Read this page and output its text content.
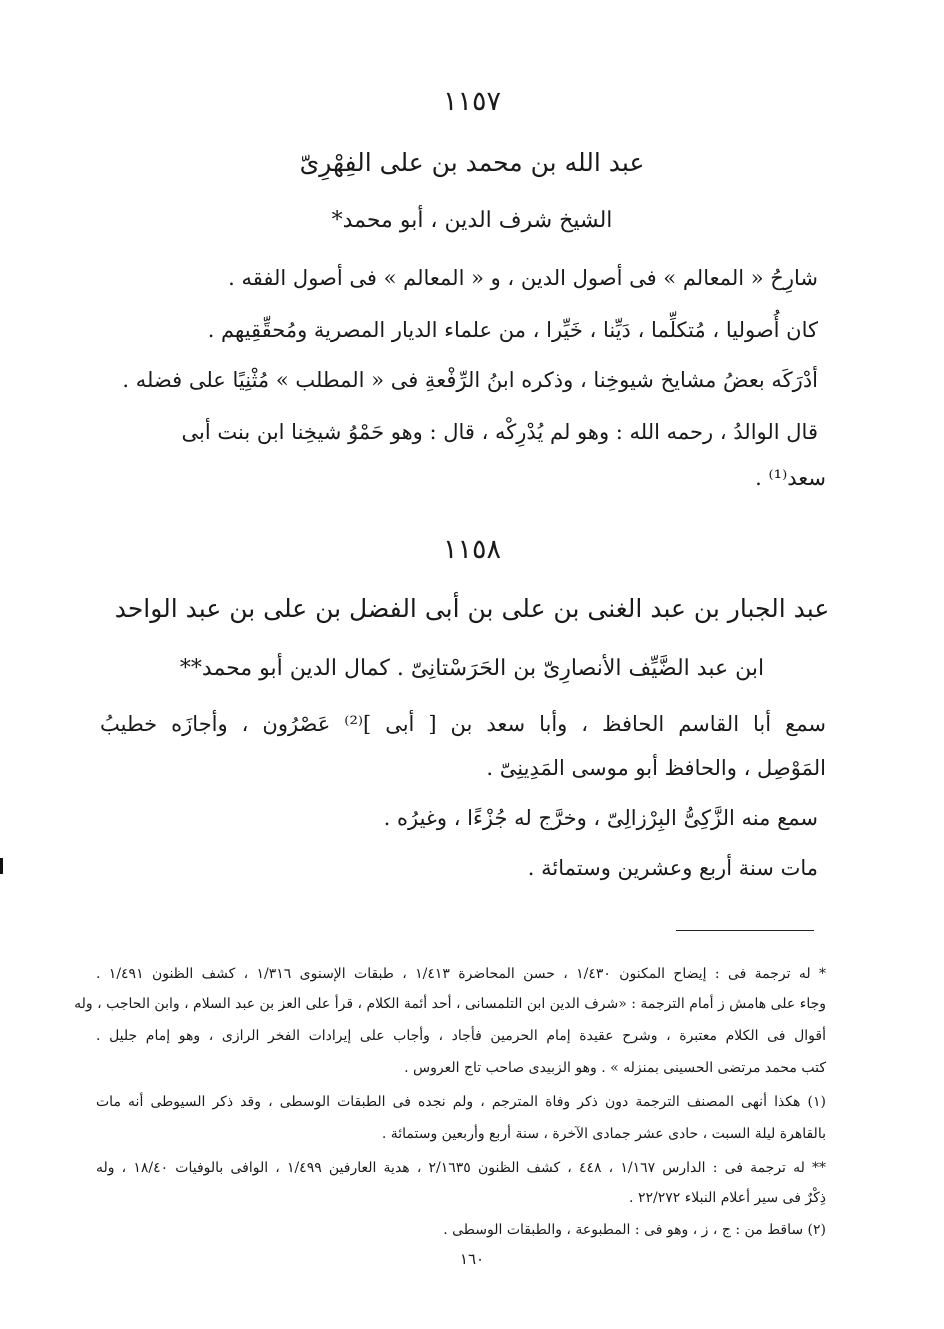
١١٥٧
عبد الله بن محمد بن على الفِهْرِىّ
الشيخ شرف الدين ، أبو محمد*
شارِحُ « المعالم » فى أصول الدين ، و « المعالم » فى أصول الفقه .
كان أُصوليا ، مُتكلِّما ، دَيِّنا ، خَيِّرا ، من علماء الديار المصرية ومُحقِّقِيهم .
أدْرَكَه بعضُ مشايخ شيوخِنا ، وذكره ابنُ الرِّفْعةِ فى « المطلب » مُثْنِيًا على فضله .
قال الوالدُ ، رحمه الله : وهو لم يُدْرِكْه ، قال : وهو حَمْوُ شيخِنا ابن بنت أبى
سعد⁽¹⁾ .
١١٥٨
عبد الجبار بن عبد الغنى بن على بن أبى الفضل بن على بن عبد الواحد
ابن عبد الضَّيِّف الأنصارِىّ بن الحَرَسْتانِىّ . كمال الدين أبو محمد**
سمع أبا القاسم الحافظ ، وأبا سعد بن [ أبى ]⁽²⁾ عَصْرُون ، وأجازَه خطيبُ
المَوْصِل ، والحافظ أبو موسى المَدِينِىّ .
سمع منه الزَّكِىُّ البِرْزالِىّ ، وخرَّج له جُزْءًا ، وغيرُه .
مات سنة أربع وعشرين وستمائة .
* له ترجمة فى : إيضاح المكنون ١/٤٣٠ ، حسن المحاضرة ١/٤١٣ ، طبقات الإسنوى ١/٣١٦ ، كشف الظنون ١/٤٩١ .
وجاء على هامش ز أمام الترجمة : «شرف الدين ابن التلمسانى ، أحد أئمة الكلام ، قرأ على العز بن عبد السلام ، وابن الحاجب ، وله
أقوال فى الكلام معتبرة ، وشرح عقيدة إمام الحرمين فأجاد ، وأجاب على إيرادات الفخر الرازى ، وهو إمام جليل .
كتب محمد مرتضى الحسينى بمنزله » . وهو الزبيدى صاحب تاج العروس .
(١) هكذا أنهى المصنف الترجمة دون ذكر وفاة المترجم ، ولم نجده فى الطبقات الوسطى ، وقد ذكر السيوطى أنه مات
بالقاهرة ليلة السبت ، حادى عشر جمادى الآخرة ، سنة أربع وأربعين وستمائة .
** له ترجمة فى : الدارس ١/١٦٧ ، ٤٤٨ ، كشف الظنون ٢/١٦٣٥ ، هدية العارفين ١/٤٩٩ ، الوافى بالوفيات ١٨/٤٠ ، وله
ذِكْرٌ فى سير أعلام النبلاء ٢٢/٢٧٢ .
(٢) ساقط من : ج ، ز ، وهو فى : المطبوعة ، والطبقات الوسطى .
١٦٠
